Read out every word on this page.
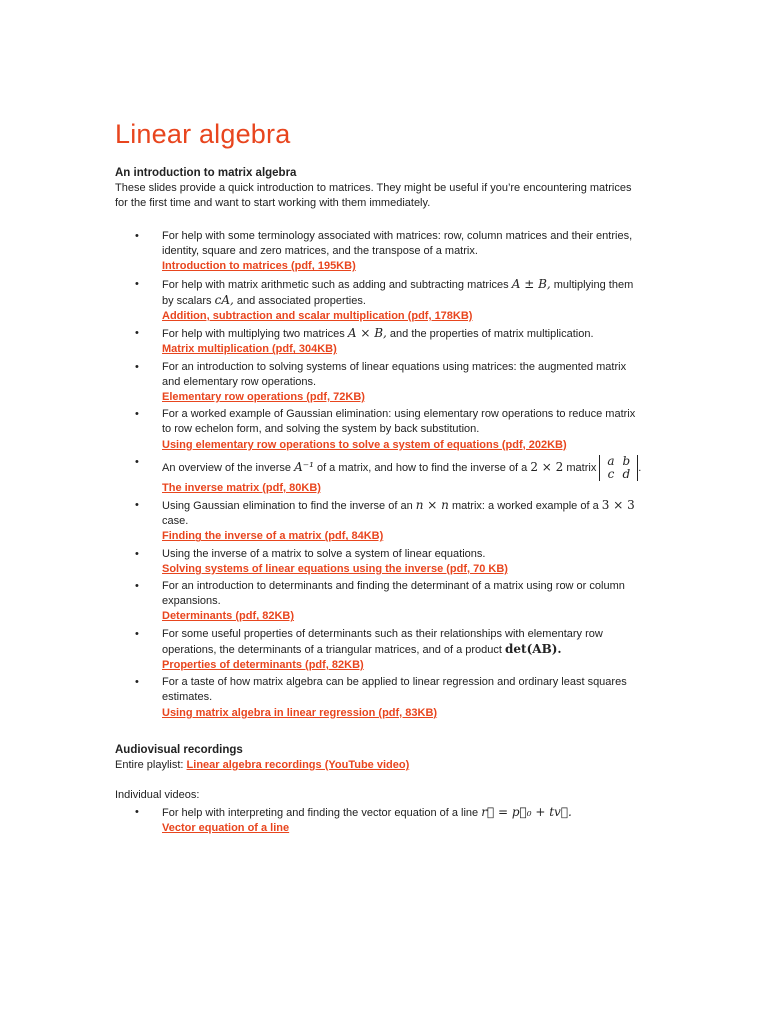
Linear algebra

An introduction to matrix algebra

These slides provide a quick introduction to matrices. They might be useful if you’re encountering matrices for the first time and want to start working with them immediately.

• For help with some terminology associated with matrices: row, column matrices and their entries, identity, square and zero matrices, and the transpose of a matrix.
Introduction to matrices (pdf, 195KB)
• For help with matrix arithmetic such as adding and subtracting matrices A ± B, multiplying them by scalars cA, and associated properties.
Addition, subtraction and scalar multiplication (pdf, 178KB)
• For help with multiplying two matrices A × B, and the properties of matrix multiplication.
Matrix multiplication (pdf, 304KB)
• For an introduction to solving systems of linear equations using matrices: the augmented matrix and elementary row operations.
Elementary row operations (pdf, 72KB)
• For a worked example of Gaussian elimination: using elementary row operations to reduce matrix to row echelon form, and solving the system by back substitution.
Using elementary row operations to solve a system of equations (pdf, 202KB)
• An overview of the inverse A⁻¹ of a matrix, and how to find the inverse of a 2 × 2 matrix a	b
c	d .
The inverse matrix (pdf, 80KB)
• Using Gaussian elimination to find the inverse of an n × n matrix: a worked example of a 3 × 3 case.
Finding the inverse of a matrix (pdf, 84KB)
• Using the inverse of a matrix to solve a system of linear equations.
Solving systems of linear equations using the inverse (pdf, 70 KB)
• For an introduction to determinants and finding the determinant of a matrix using row or column expansions.
Determinants (pdf, 82KB)
• For some useful properties of determinants such as their relationships with elementary row operations, the determinants of a triangular matrices, and of a product det(AB).
Properties of determinants (pdf, 82KB)
• For a taste of how matrix algebra can be applied to linear regression and ordinary least squares estimates.
Using matrix algebra in linear regression (pdf, 83KB)

Audiovisual recordings

Entire playlist: Linear algebra recordings (YouTube video)

Individual videos:

• For help with interpreting and finding the vector equation of a line r⃗ = p⃗₀ + tv⃗.
Vector equation of a line
